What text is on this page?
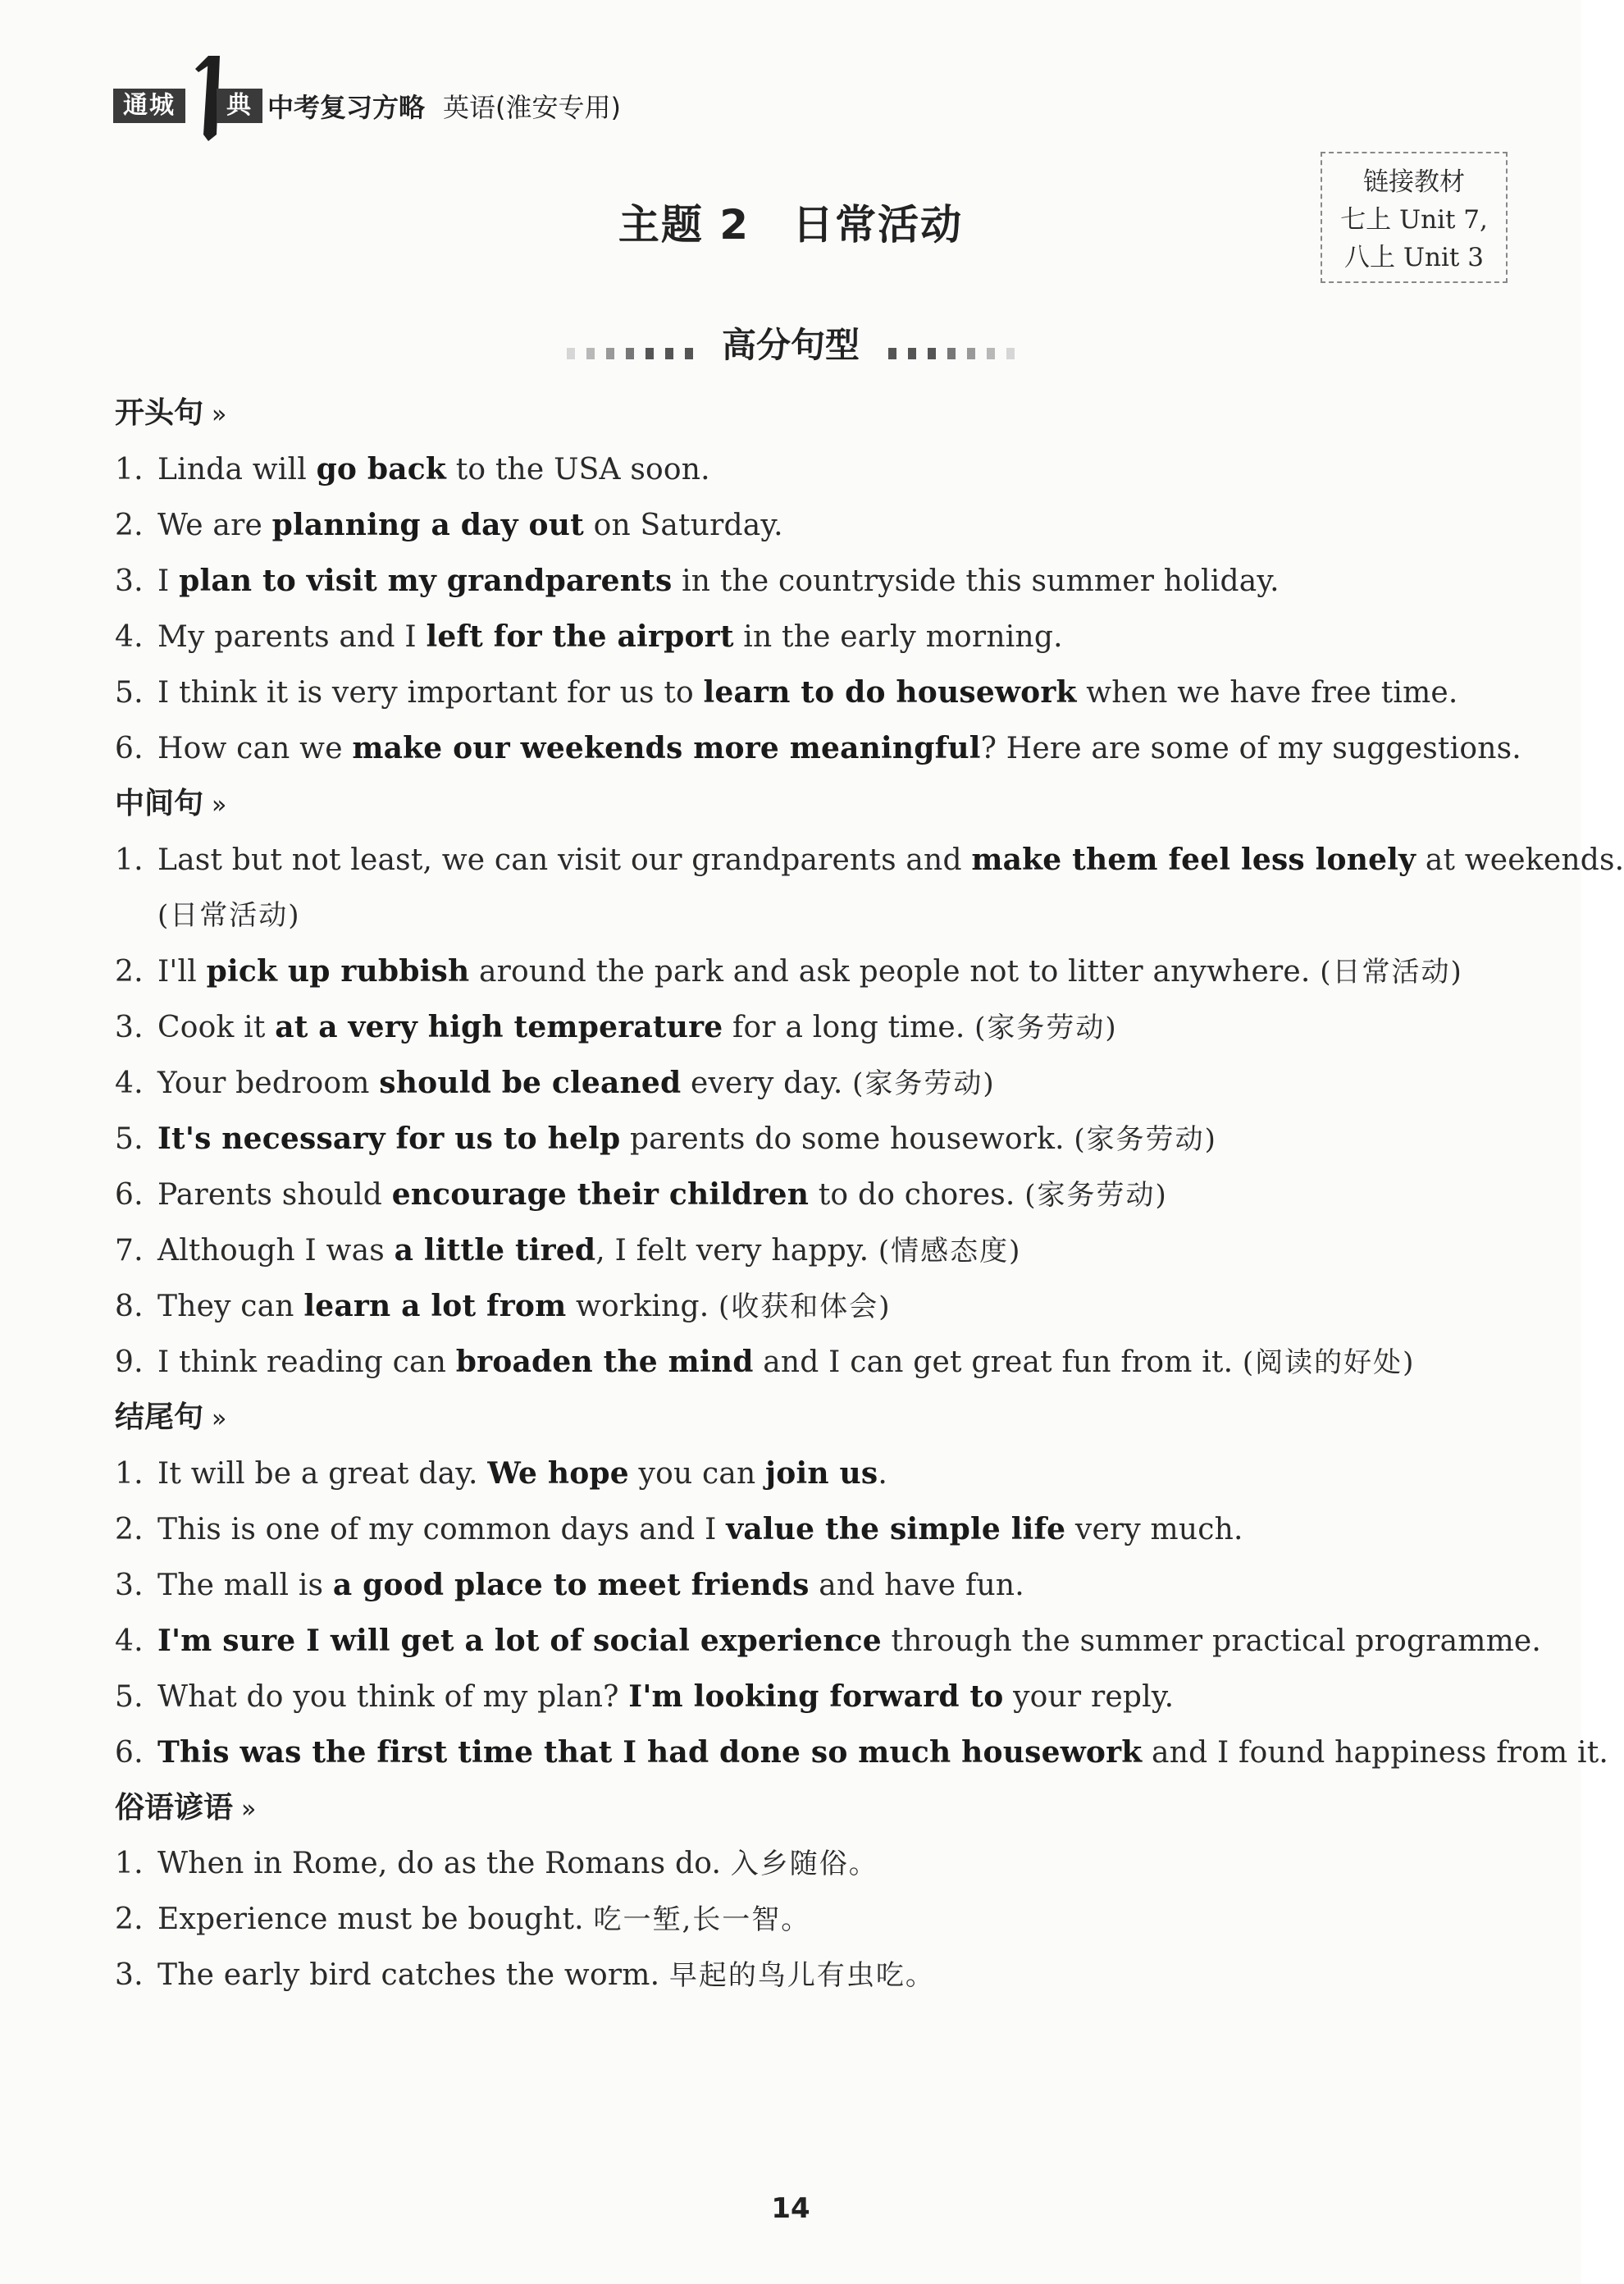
1
通城	典 中考复习方略 英语(淮安专用)
主题 2　日常活动
链接教材
七上 Unit 7,
八上 Unit 3
高分句型
开头句 »
1. Linda will go back to the USA soon.
2. We are planning a day out on Saturday.
3. I plan to visit my grandparents in the countryside this summer holiday.
4. My parents and I left for the airport in the early morning.
5. I think it is very important for us to learn to do housework when we have free time.
6. How can we make our weekends more meaningful? Here are some of my suggestions.
中间句 »
1. Last but not least, we can visit our grandparents and make them feel less lonely at weekends.
(日常活动)
2. I'll pick up rubbish around the park and ask people not to litter anywhere. (日常活动)
3. Cook it at a very high temperature for a long time. (家务劳动)
4. Your bedroom should be cleaned every day. (家务劳动)
5. It's necessary for us to help parents do some housework. (家务劳动)
6. Parents should encourage their children to do chores. (家务劳动)
7. Although I was a little tired, I felt very happy. (情感态度)
8. They can learn a lot from working. (收获和体会)
9. I think reading can broaden the mind and I can get great fun from it. (阅读的好处)
结尾句 »
1. It will be a great day. We hope you can join us.
2. This is one of my common days and I value the simple life very much.
3. The mall is a good place to meet friends and have fun.
4. I'm sure I will get a lot of social experience through the summer practical programme.
5. What do you think of my plan? I'm looking forward to your reply.
6. This was the first time that I had done so much housework and I found happiness from it.
俗语谚语 »
1. When in Rome, do as the Romans do. 入乡随俗。
2. Experience must be bought. 吃一堑,长一智。
3. The early bird catches the worm. 早起的鸟儿有虫吃。
14
